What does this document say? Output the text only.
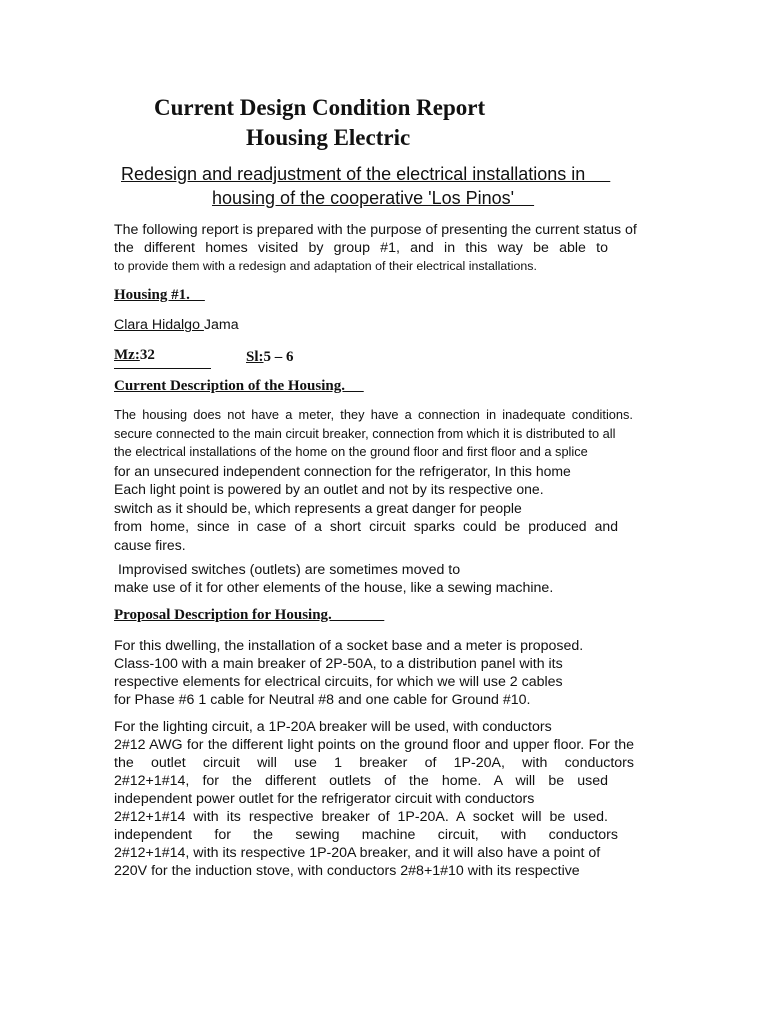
Current Design Condition Report
Housing Electric
Redesign and readjustment of the electrical installations in
housing of the cooperative 'Los Pinos'
The following report is prepared with the purpose of presenting the current status of
the different homes visited by group #1, and in this way be able to
to provide them with a redesign and adaptation of their electrical installations.
Housing #1.
Clara Hidalgo Jama
Mz:32	Sl:5 – 6
Current Description of the Housing.
The housing does not have a meter, they have a connection in inadequate conditions.
secure connected to the main circuit breaker, connection from which it is distributed to all
the electrical installations of the home on the ground floor and first floor and a splice
for an unsecured independent connection for the refrigerator, In this home
Each light point is powered by an outlet and not by its respective one.
switch as it should be, which represents a great danger for people
from home, since in case of a short circuit sparks could be produced and
cause fires.
Improvised switches (outlets) are sometimes moved to
make use of it for other elements of the house, like a sewing machine.
Proposal Description for Housing.
For this dwelling, the installation of a socket base and a meter is proposed.
Class-100 with a main breaker of 2P-50A, to a distribution panel with its
respective elements for electrical circuits, for which we will use 2 cables
for Phase #6 1 cable for Neutral #8 and one cable for Ground #10.
For the lighting circuit, a 1P-20A breaker will be used, with conductors
2#12 AWG for the different light points on the ground floor and upper floor. For the
the outlet circuit will use 1 breaker of 1P-20A, with conductors
2#12+1#14, for the different outlets of the home. A will be used
independent power outlet for the refrigerator circuit with conductors
2#12+1#14 with its respective breaker of 1P-20A. A socket will be used.
independent for the sewing machine circuit, with conductors
2#12+1#14, with its respective 1P-20A breaker, and it will also have a point of
220V for the induction stove, with conductors 2#8+1#10 with its respective
